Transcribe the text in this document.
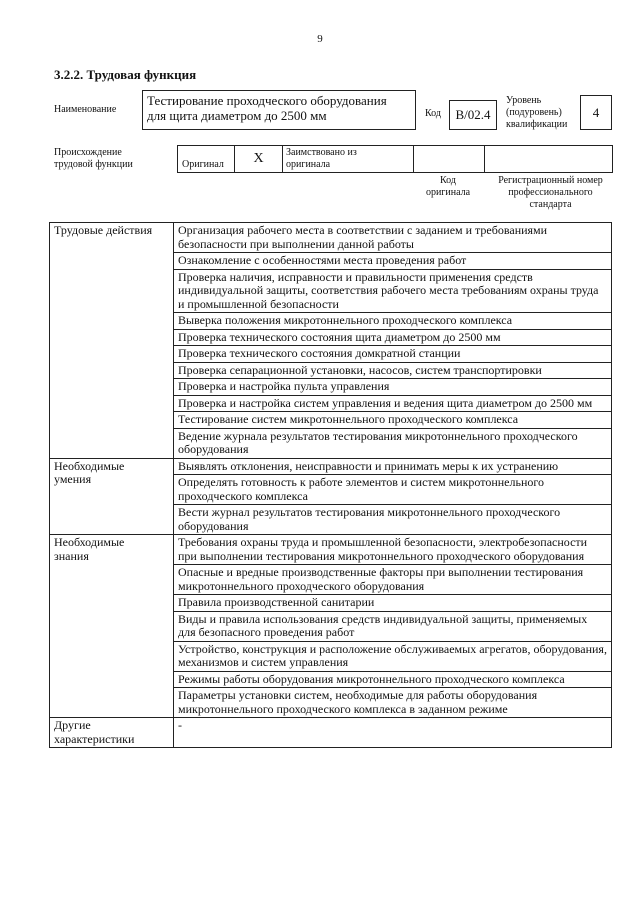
9
3.2.2. Трудовая функция
Наименование
Тестирование проходческого оборудования
для щита диаметром до 2500 мм	Код	B/02.4
Уровень
(подуровень)
квалификации
4
Происхождение
трудовой функции	$_{Оригинал}$	X	Заимствовано из
оригинала
Код
оригинала
Регистрационный номер
профессионального
стандарта
Трудовые действия	Организация рабочего места в соответствии с заданием и требованиями безопасности при выполнении данной работы
	Ознакомление с особенностями места проведения работ
	Проверка наличия, исправности и правильности применения средств индивидуальной защиты, соответствия рабочего места требованиям охраны труда и промышленной безопасности
	Выверка положения микротоннельного проходческого комплекса
	Проверка технического состояния щита диаметром до 2500 мм
	Проверка технического состояния домкратной станции
	Проверка сепарационной установки, насосов, систем транспортировки
	Проверка и настройка пульта управления
	Проверка и настройка систем управления и ведения щита диаметром до 2500 мм
	Тестирование систем микротоннельного проходческого комплекса
	Ведение журнала результатов тестирования микротоннельного проходческого оборудования

Необходимые
умения	Выявлять отклонения, неисправности и принимать меры к их устранению
	Определять готовность к работе элементов и систем микротоннельного проходческого комплекса
	Вести журнал результатов тестирования микротоннельного проходческого оборудования

Необходимые
знания	Требования охраны труда и промышленной безопасности, электробезопасности при выполнении тестирования микротоннельного проходческого оборудования
	Опасные и вредные производственные факторы при выполнении тестирования микротоннельного проходческого оборудования
	Правила производственной санитарии
	Виды и правила использования средств индивидуальной защиты, применяемых для безопасного проведения работ
	Устройство, конструкция и расположение обслуживаемых агрегатов, оборудования, механизмов и систем управления
	Режимы работы оборудования микротоннельного проходческого комплекса
	Параметры установки систем, необходимые для работы оборудования микротоннельного проходческого комплекса в заданном режиме

Другие
характеристики	-
